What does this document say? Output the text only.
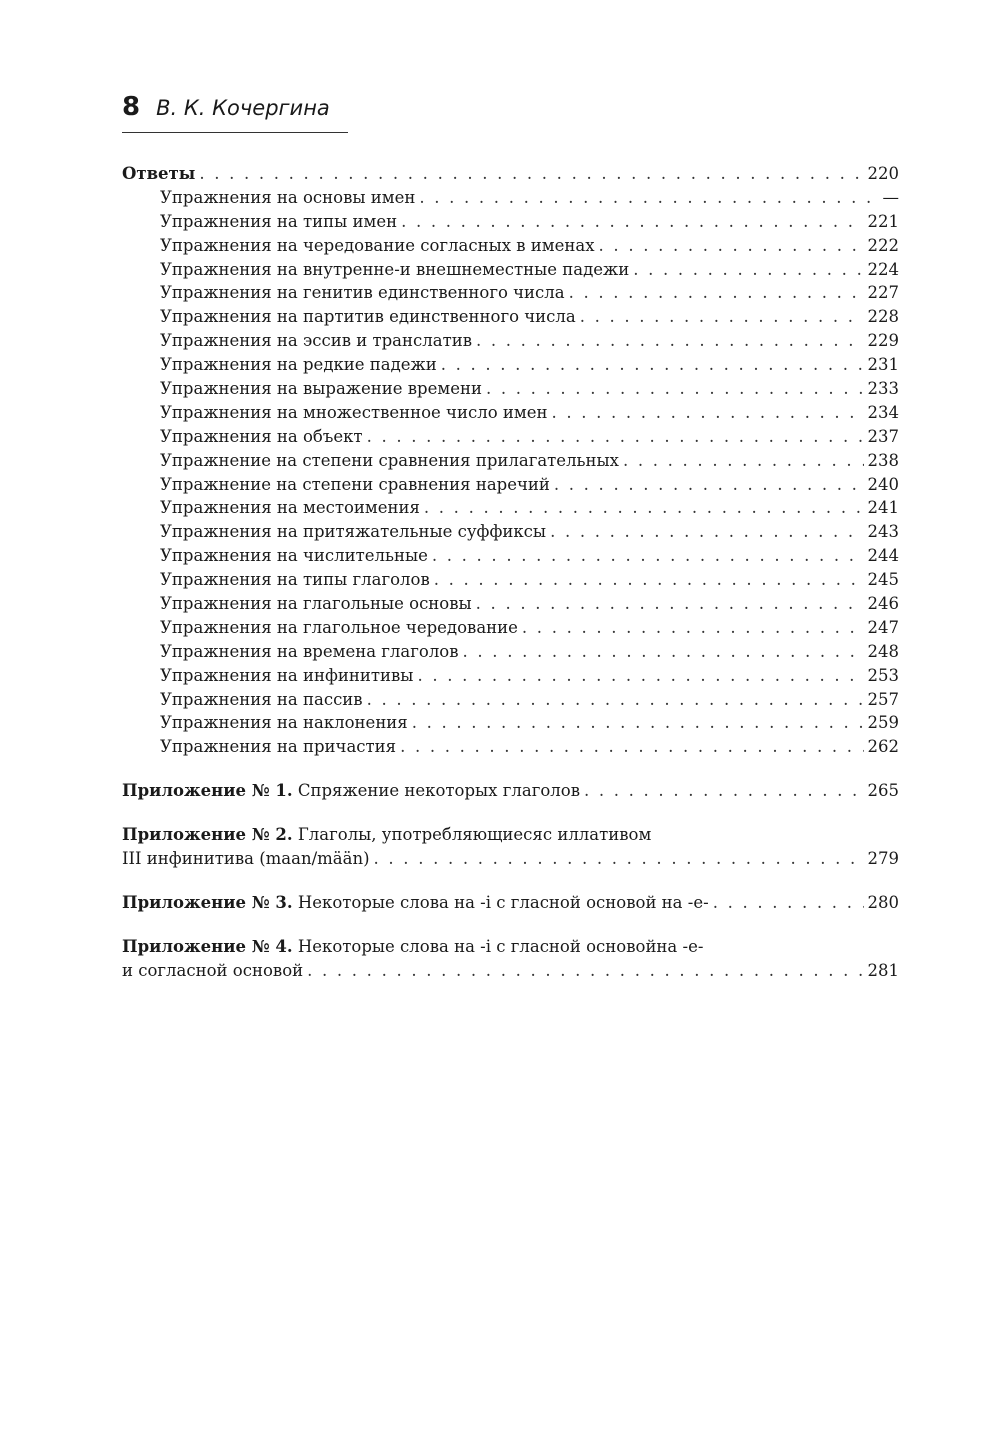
8 В. К. Кочергина
Ответы . . .	220
Упражнения на основы имен . . .	—
Упражнения на типы имен . . .	221
Упражнения на чередование согласных в именах . . .	222
Упражнения на внутренне-и внешнеместные падежи . . .	224
Упражнения на генитив единственного числа . . .	227
Упражнения на партитив единственного числа . . .	228
Упражнения на эссив и транслатив . . .	229
Упражнения на редкие падежи . . .	231
Упражнения на выражение времени . . .	233
Упражнения на множественное число имен . . .	234
Упражнения на объект . . .	237
Упражнение на степени сравнения прилагательных . . .	238
Упражнение на степени сравнения наречий . . .	240
Упражнения на местоимения . . .	241
Упражнения на притяжательные суффиксы . . .	243
Упражнения на числительные . . .	244
Упражнения на типы глаголов . . .	245
Упражнения на глагольные основы . . .	246
Упражнения на глагольное чередование . . .	247
Упражнения на времена глаголов . . .	248
Упражнения на инфинитивы . . .	253
Упражнения на пассив . . .	257
Упражнения на наклонения . . .	259
Упражнения на причастия . . .	262
Приложение № 1. Спряжение некоторых глаголов . . .	265
Приложение № 2. Глаголы, употребляющиесяс иллативом
III инфинитива (maan/mään) . . .	279
Приложение № 3. Некоторые слова на -i с гласной основой на -e- . . .	280
Приложение № 4. Некоторые слова на -i с гласной основойна -e-
и согласной основой . . .	281
